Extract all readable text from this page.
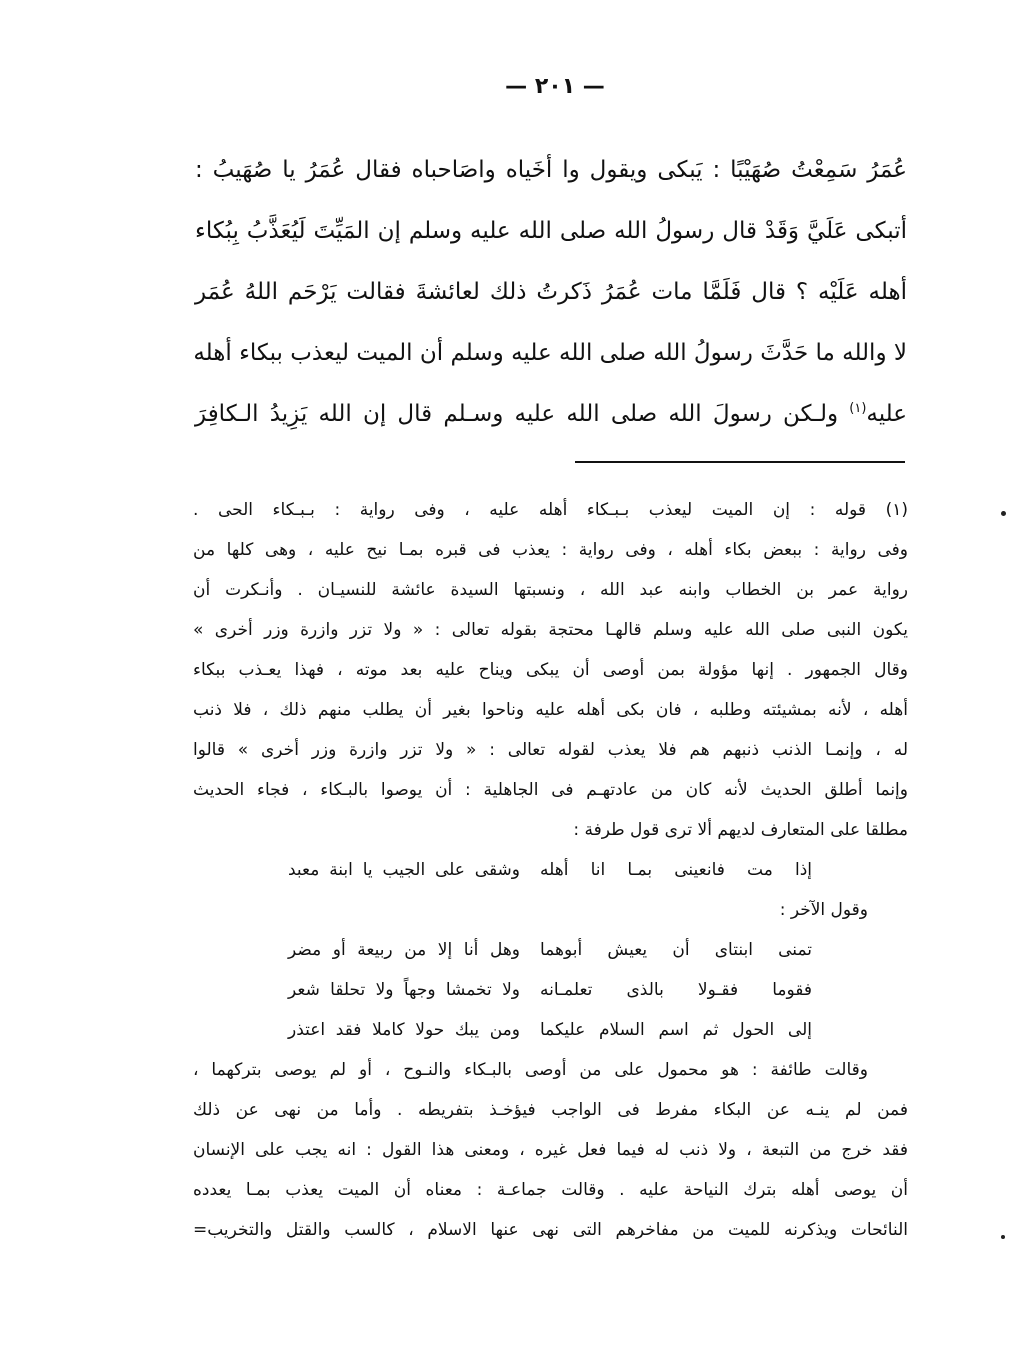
— ٢٠١ —
عُمَرُ سَمِعْتُ صُهَيْبًا : يَبكى ويقول وا أخَياه واصَاحباه فقال عُمَرُ يا صُهَيبُ :
أتبكى عَلَيَّ وَقَدْ قال رسولُ الله صلى الله عليه وسلم إن المَيِّتَ لَيُعَذَّبُ بِبُكاء
أهله عَلَيْه ؟ قال فَلَمَّا مات عُمَرُ ذَكرتُ ذلك لعائشةَ فقالت يَرْحَم اللهُ عُمَر
لا والله ما حَدَّثَ رسولُ الله صلى الله عليه وسلم أن الميت ليعذب ببكاء أهله
عليه$^{(١)}$ ولـكن رسولَ الله صلى الله عليه وسـلم قال إن الله يَزِيدُ الـكافِرَ
(١) قوله : إن الميت ليعذب بـبـكاء أهله عليه ، وفى رواية : بـبـكاء الحى .
وفى رواية : ببعض بكاء أهله ، وفى رواية : يعذب فى قبره بمـا نيح عليه ، وهى كلها من
رواية عمر بن الخطاب وابنه عبد الله ، ونسبتها السيدة عائشة للنسيـان . وأنـكرت أن
يكون النبى صلى الله عليه وسلم قالهـا محتجة بقوله تعالى : « ولا تزر وازرة وزر أخرى »
وقال الجمهور . إنها مؤولة بمن أوصى أن يبكى ويناح عليه بعد موته ، فهذا يعـذب ببكاء
أهله ، لأنه بمشيئته وطلبه ، فان بكى أهله عليه وناحوا بغير أن يطلب منهم ذلك ، فلا ذنب
له ، وإنمـا الذنب ذنبهم هم فلا يعذب لقوله تعالى : « ولا تزر وازرة وزر أخرى » قالوا
وإنما أطلق الحديث لأنه كان من عادتهـم فى الجاهلية : أن يوصوا بالبـكاء ، فجاء الحديث
مطلقا على المتعارف لديهم ألا ترى قول طرفة :
إذا مت فانعينى بمـا انا أهله
وشقى على الجيب يا ابنة معبد
وقول الآخر :
تمنى ابنتاى أن يعيش أبوهما
وهل أنا إلا من ربيعة أو مضر
فقوما فقـولا بالذى تعلمـانه
ولا تخمشا وجهاً ولا تحلقا شعر
إلى الحول ثم اسم السلام عليكما
ومن يبك حولا كاملا فقد اعتذر
وقالت طائفة : هو محمول على من أوصى بالبـكاء والنـوح ، أو لم يوصى بتركهما ،
فمن لم ينـه عن البكاء مفرط فى الواجب فيؤخـذ بتفريطه . وأما من نهى عن ذلك
فقد خرج من التبعة ، ولا ذنب له فيما فعل غيره ، ومعنى هذا القول : انه يجب على الإنسان
أن يوصى أهله بترك النياحة عليه . وقالت جماعـة : معناه أن الميت يعذب بمـا يعدده
النائحات ويذكرنه للميت من مفاخرهم التى نهى عنها الاسلام ، كالسب والقتل والتخريب=
